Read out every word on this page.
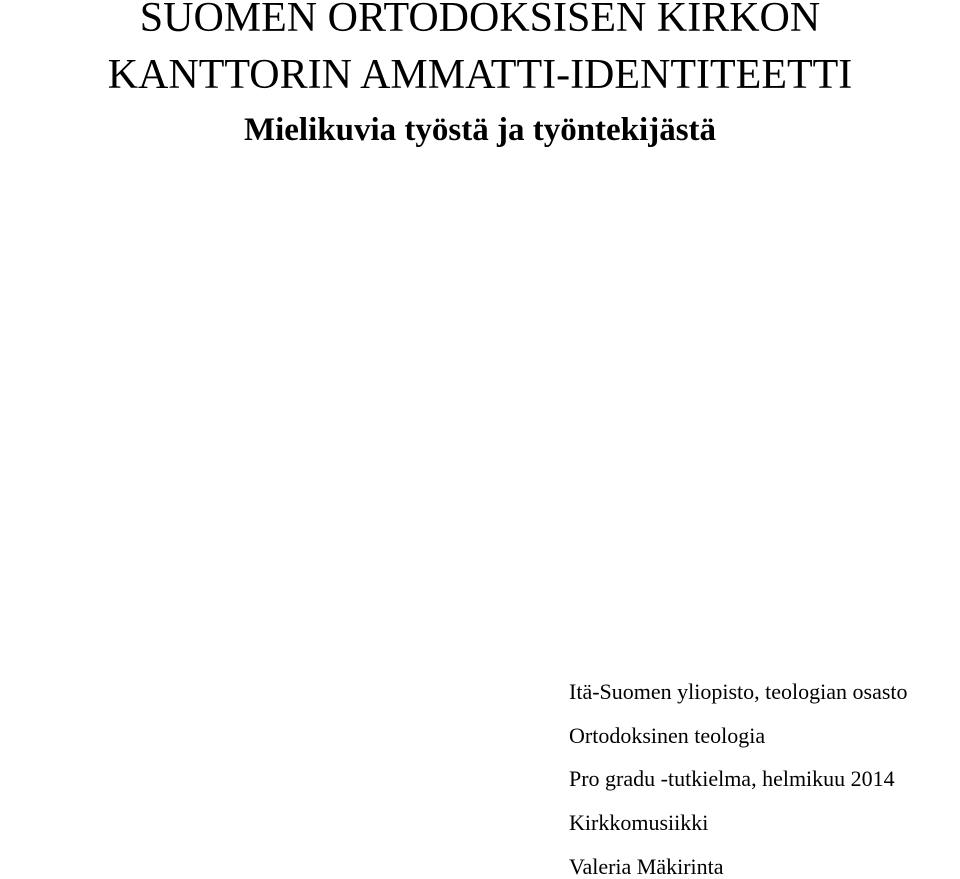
SUOMEN ORTODOKSISEN KIRKON
KANTTORIN AMMATTI-IDENTITEETTI
Mielikuvia työstä ja työntekijästä

Itä-Suomen yliopisto, teologian osasto

Ortodoksinen teologia

Pro gradu -tutkielma, helmikuu 2014

Kirkkomusiikki

Valeria Mäkirinta
